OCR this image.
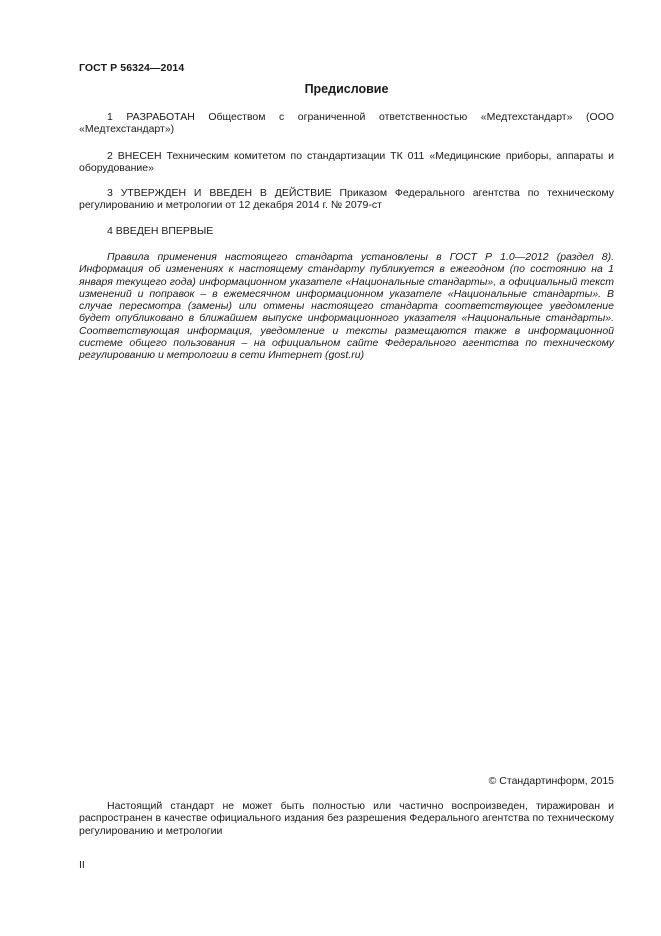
ГОСТ Р 56324—2014
Предисловие

1 РАЗРАБОТАН Обществом с ограниченной ответственностью «Медтехстандарт» (ООО «Медтехстандарт»)

2 ВНЕСЕН Техническим комитетом по стандартизации ТК 011 «Медицинские приборы, аппараты и оборудование»

3 УТВЕРЖДЕН И ВВЕДЕН В ДЕЙСТВИЕ Приказом Федерального агентства по техническому регулированию и метрологии от 12 декабря 2014 г. № 2079-ст

4 ВВЕДЕН ВПЕРВЫЕ

Правила применения настоящего стандарта установлены в ГОСТ Р 1.0—2012 (раздел 8). Информация об изменениях к настоящему стандарту публикуется в ежегодном (по состоянию на 1 января текущего года) информационном указателе «Национальные стандарты», а официальный текст изменений и поправок – в ежемесячном информационном указателе «Национальные стандарты». В случае пересмотра (замены) или отмены настоящего стандарта соответствующее уведомление будет опубликовано в ближайшем выпуске информационного указателя «Национальные стандарты». Соответствующая информация, уведомление и тексты размещаются также в информационной системе общего пользования – на официальном сайте Федерального агентства по техническому регулированию и метрологии в сети Интернет (gost.ru)

© Стандартинформ, 2015

Настоящий стандарт не может быть полностью или частично воспроизведен, тиражирован и распространен в качестве официального издания без разрешения Федерального агентства по техническому регулированию и метрологии

II
